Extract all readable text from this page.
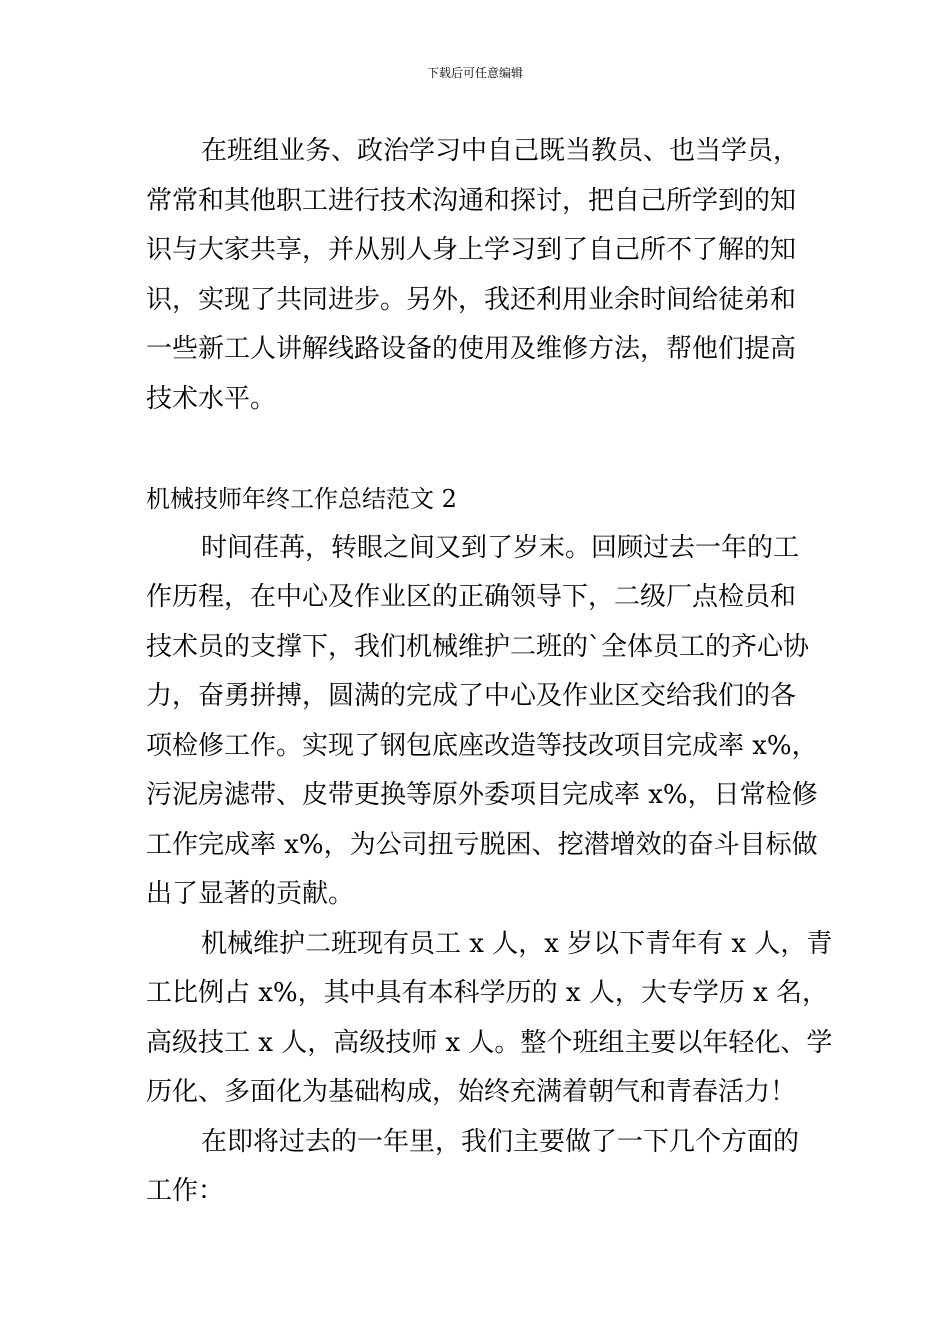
下载后可任意编辑
在班组业务、政治学习中自己既当教员、也当学员，
常常和其他职工进行技术沟通和探讨，把自己所学到的知
识与大家共享，并从别人身上学习到了自己所不了解的知
识，实现了共同进步。另外，我还利用业余时间给徒弟和
一些新工人讲解线路设备的使用及维修方法，帮他们提高
技术水平。
机械技师年终工作总结范文 2
时间荏苒，转眼之间又到了岁末。回顾过去一年的工
作历程，在中心及作业区的正确领导下，二级厂点检员和
技术员的支撑下，我们机械维护二班的`全体员工的齐心协
力，奋勇拼搏，圆满的完成了中心及作业区交给我们的各
项检修工作。实现了钢包底座改造等技改项目完成率 x%，
污泥房滤带、皮带更换等原外委项目完成率 x%，日常检修
工作完成率 x%，为公司扭亏脱困、挖潜增效的奋斗目标做
出了显著的贡献。
机械维护二班现有员工 x 人，x 岁以下青年有 x 人，青
工比例占 x%，其中具有本科学历的 x 人，大专学历 x 名，
高级技工 x 人，高级技师 x 人。整个班组主要以年轻化、学
历化、多面化为基础构成，始终充满着朝气和青春活力！
在即将过去的一年里，我们主要做了一下几个方面的
工作：
